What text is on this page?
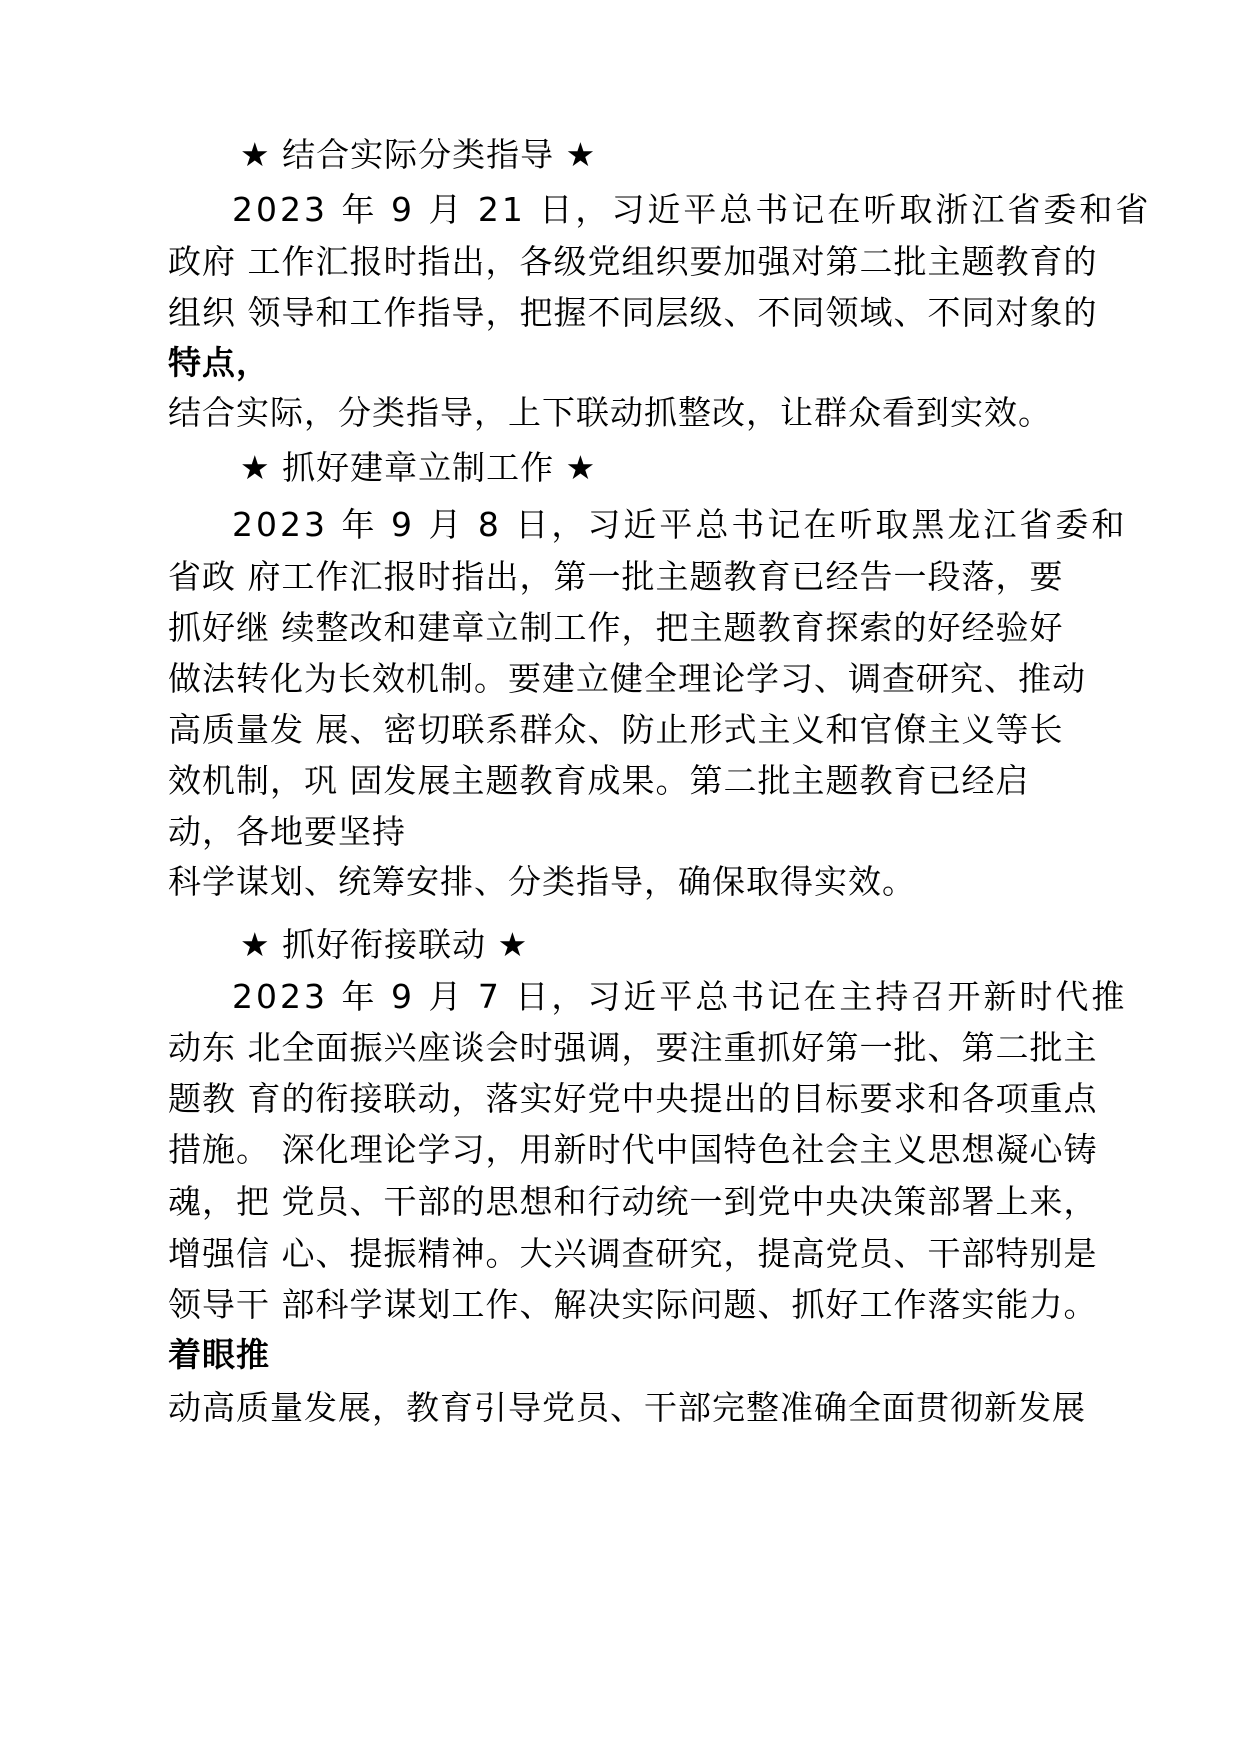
★ 结合实际分类指导 ★
2023 年 9 月 21 日，习近平总书记在听取浙江省委和省
政府 工作汇报时指出，各级党组织要加强对第二批主题教育的
组织 领导和工作指导，把握不同层级、不同领域、不同对象的
特点，
结合实际，分类指导，上下联动抓整改，让群众看到实效。
★ 抓好建章立制工作 ★
2023 年 9 月 8 日，习近平总书记在听取黑龙江省委和
省政 府工作汇报时指出，第一批主题教育已经告一段落，要
抓好继 续整改和建章立制工作，把主题教育探索的好经验好
做法转化为长效机制。要建立健全理论学习、调查研究、推动
高质量发 展、密切联系群众、防止形式主义和官僚主义等长
效机制，巩 固发展主题教育成果。第二批主题教育已经启
动，各地要坚持
科学谋划、统筹安排、分类指导，确保取得实效。
★ 抓好衔接联动 ★
2023 年 9 月 7 日，习近平总书记在主持召开新时代推
动东 北全面振兴座谈会时强调，要注重抓好第一批、第二批主
题教 育的衔接联动，落实好党中央提出的目标要求和各项重点
措施。 深化理论学习，用新时代中国特色社会主义思想凝心铸
魂，把 党员、干部的思想和行动统一到党中央决策部署上来，
增强信 心、提振精神。大兴调查研究，提高党员、干部特别是
领导干 部科学谋划工作、解决实际问题、抓好工作落实能力。
着眼推
动高质量发展，教育引导党员、干部完整准确全面贯彻新发展
